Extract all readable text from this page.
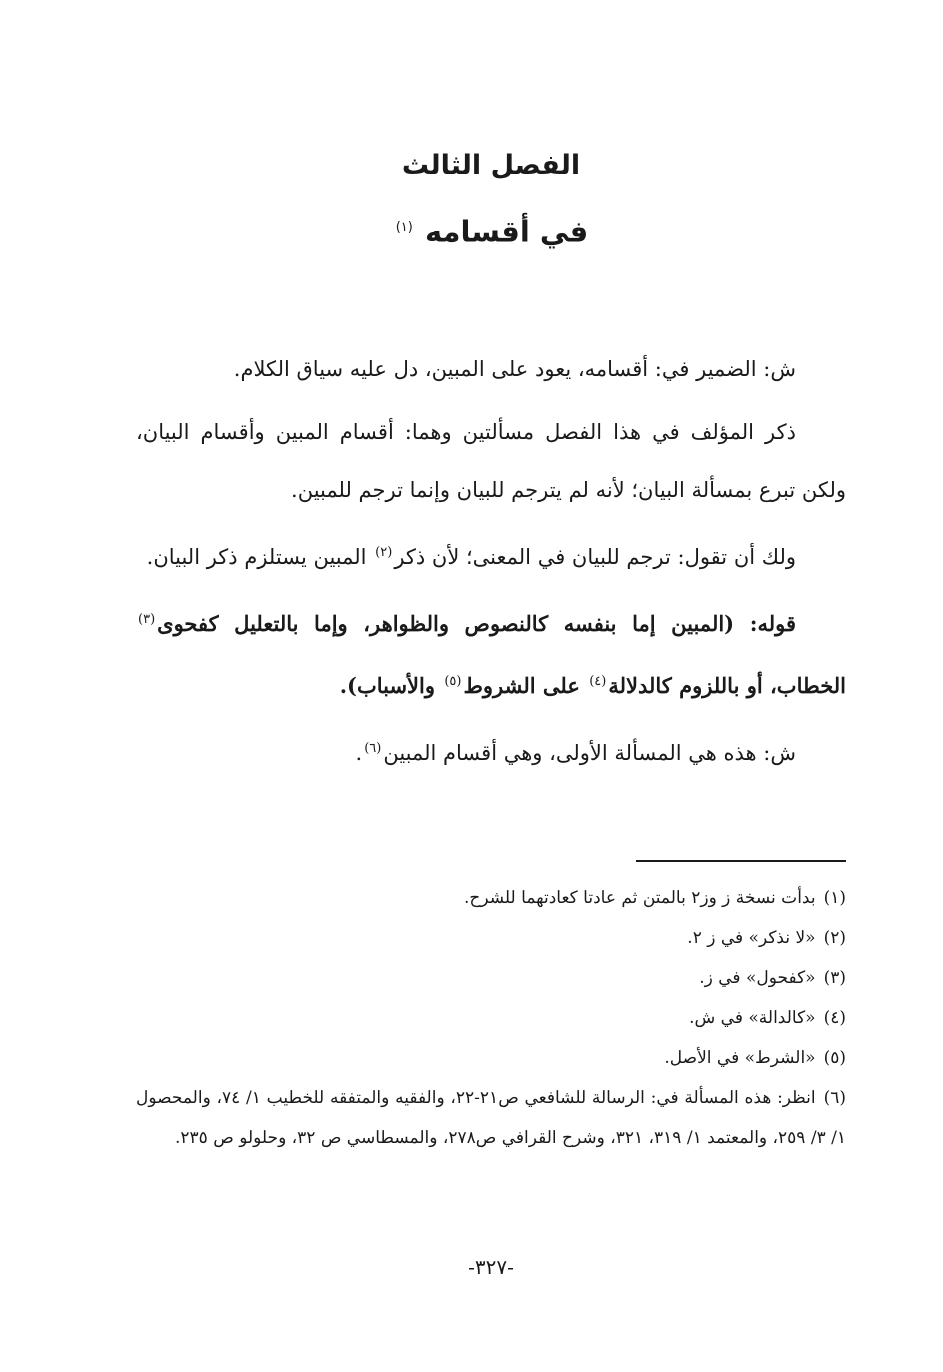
الفصل الثالث
في أقسامه $^{(١)}$

ش: الضمير في: أقسامه، يعود على المبين، دل عليه سياق الكلام.

ذكر المؤلف في هذا الفصل مسألتين وهما: أقسام المبين وأقسام البيان، ولكن تبرع بمسألة البيان؛ لأنه لم يترجم للبيان وإنما ترجم للمبين.

ولك أن تقول: ترجم للبيان في المعنى؛ لأن ذكر$^{(٢)}$ المبين يستلزم ذكر البيان.

قوله: (المبين إما بنفسه كالنصوص والظواهر، وإما بالتعليل كفحوى$^{(٣)}$ الخطاب، أو باللزوم كالدلالة$^{(٤)}$ على الشروط$^{(٥)}$ والأسباب).

ش: هذه هي المسألة الأولى، وهي أقسام المبين$^{(٦)}$.

(١)بدأت نسخة ز وز٢ بالمتن ثم عادتا كعادتهما للشرح.

(٢)«لا نذكر» في ز ٢.

(٣)«كفحول» في ز.

(٤)«كالدالة» في ش.

(٥)«الشرط» في الأصل.

(٦)انظر: هذه المسألة في: الرسالة للشافعي ص٢١-٢٢، والفقيه والمتفقه للخطيب ١/ ٧٤، والمحصول ١/ ٣/ ٢٥٩، والمعتمد ١/ ٣١٩، ٣٢١، وشرح القرافي ص٢٧٨، والمسطاسي ص ٣٢، وحلولو ص ٢٣٥.

-٣٢٧-
